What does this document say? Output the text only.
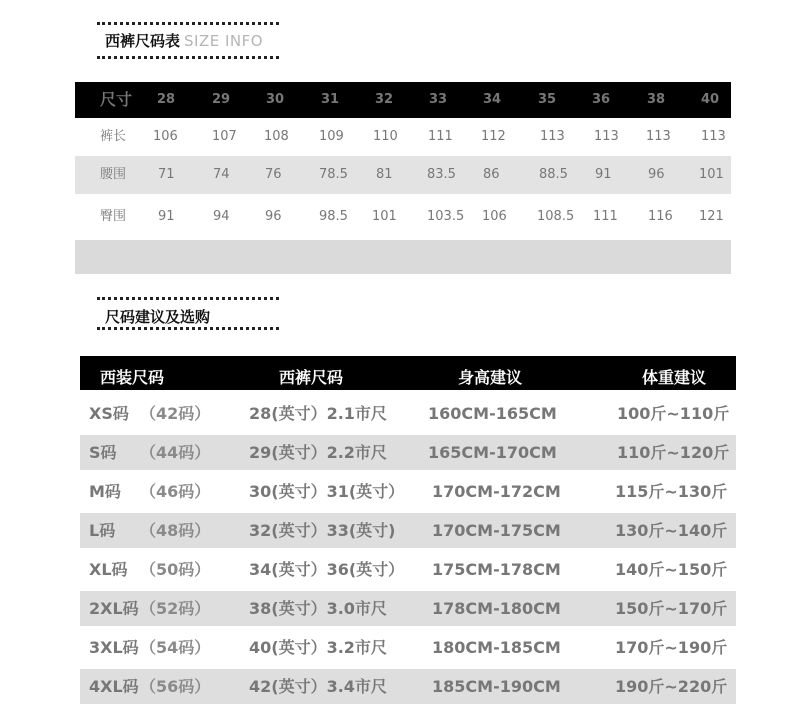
西裤尺码表 SIZE INFO
尺寸 28	29	30	31	32	33	34	35	36	38	40
裤长 106	107 108 109 110 111 112	113 113 113 113
腰围 71	74	76	78.5 81	83.5 86	88.5 91	96	101
臀围 91	94	96	98.5 101 103.5 106 108.5 111 116 121
尺码建议及选购
西装尺码	西裤尺码	身高建议	体重建议
XS码 （42码） 28(英寸）2.1市尺	160CM-165CM	100斤~110斤
S码 （44码） 29(英寸）2.2市尺	165CM-170CM	110斤~120斤
M码 （46码） 30(英寸）31(英寸） 170CM-172CM	115斤~130斤
L码 （48码） 32(英寸）33(英寸) 170CM-175CM	130斤~140斤
XL码 （50码） 34(英寸）36(英寸） 175CM-178CM	140斤~150斤
2XL码 （52码） 38(英寸）3.0市尺	178CM-180CM	150斤~170斤
3XL码 （54码） 40(英寸）3.2市尺	180CM-185CM	170斤~190斤
4XL码 （56码） 42(英寸）3.4市尺	185CM-190CM	190斤~220斤
